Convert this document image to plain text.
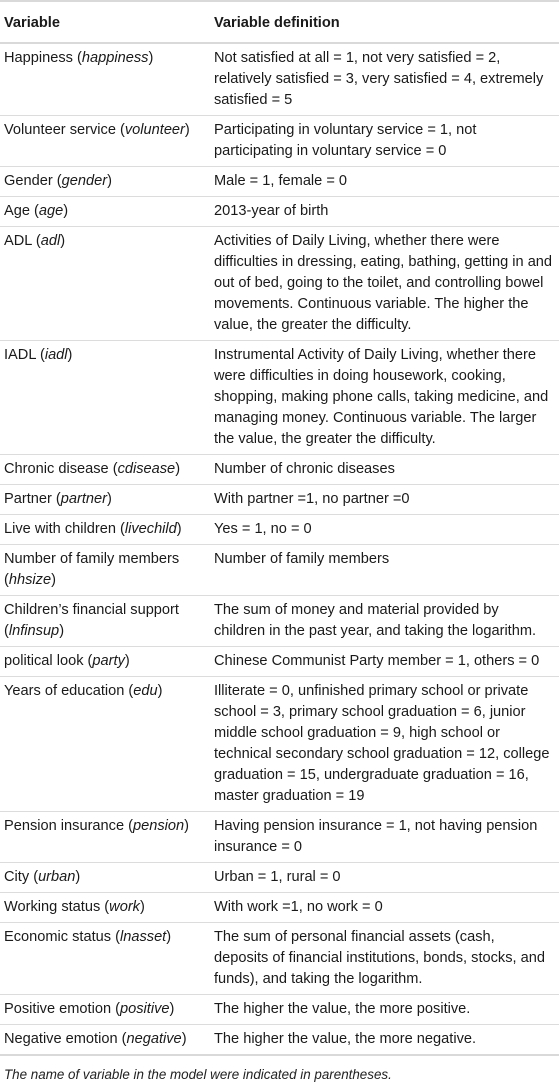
Variable	Variable definition
Happiness (happiness)	Not satisfied at all = 1, not very satisfied = 2, relatively satisfied = 3, very satisfied = 4, extremely satisfied = 5
Volunteer service (volunteer)	Participating in voluntary service = 1, not participating in voluntary service = 0
Gender (gender)	Male = 1, female = 0
Age (age)	2013-year of birth
ADL (adl)	Activities of Daily Living, whether there were difficulties in dressing, eating, bathing, getting in and out of bed, going to the toilet, and controlling bowel movements. Continuous variable. The higher the value, the greater the difficulty.
IADL (iadl)	Instrumental Activity of Daily Living, whether there were difficulties in doing housework, cooking, shopping, making phone calls, taking medicine, and managing money. Continuous variable. The larger the value, the greater the difficulty.
Chronic disease (cdisease)	Number of chronic diseases
Partner (partner)	With partner =1, no partner =0
Live with children (livechild)	Yes = 1, no = 0
Number of family members (hhsize)	Number of family members
Children’s financial support (lnfinsup)	The sum of money and material provided by children in the past year, and taking the logarithm.
political look (party)	Chinese Communist Party member = 1, others = 0
Years of education (edu)	Illiterate = 0, unfinished primary school or private school = 3, primary school graduation = 6, junior middle school graduation = 9, high school or technical secondary school graduation = 12, college graduation = 15, undergraduate graduation = 16, master graduation = 19
Pension insurance (pension)	Having pension insurance = 1, not having pension insurance = 0
City (urban)	Urban = 1, rural = 0
Working status (work)	With work =1, no work = 0
Economic status (lnasset)	The sum of personal financial assets (cash, deposits of financial institutions, bonds, stocks, and funds), and taking the logarithm.
Positive emotion (positive)	The higher the value, the more positive.
Negative emotion (negative)	The higher the value, the more negative.
The name of variable in the model were indicated in parentheses.
